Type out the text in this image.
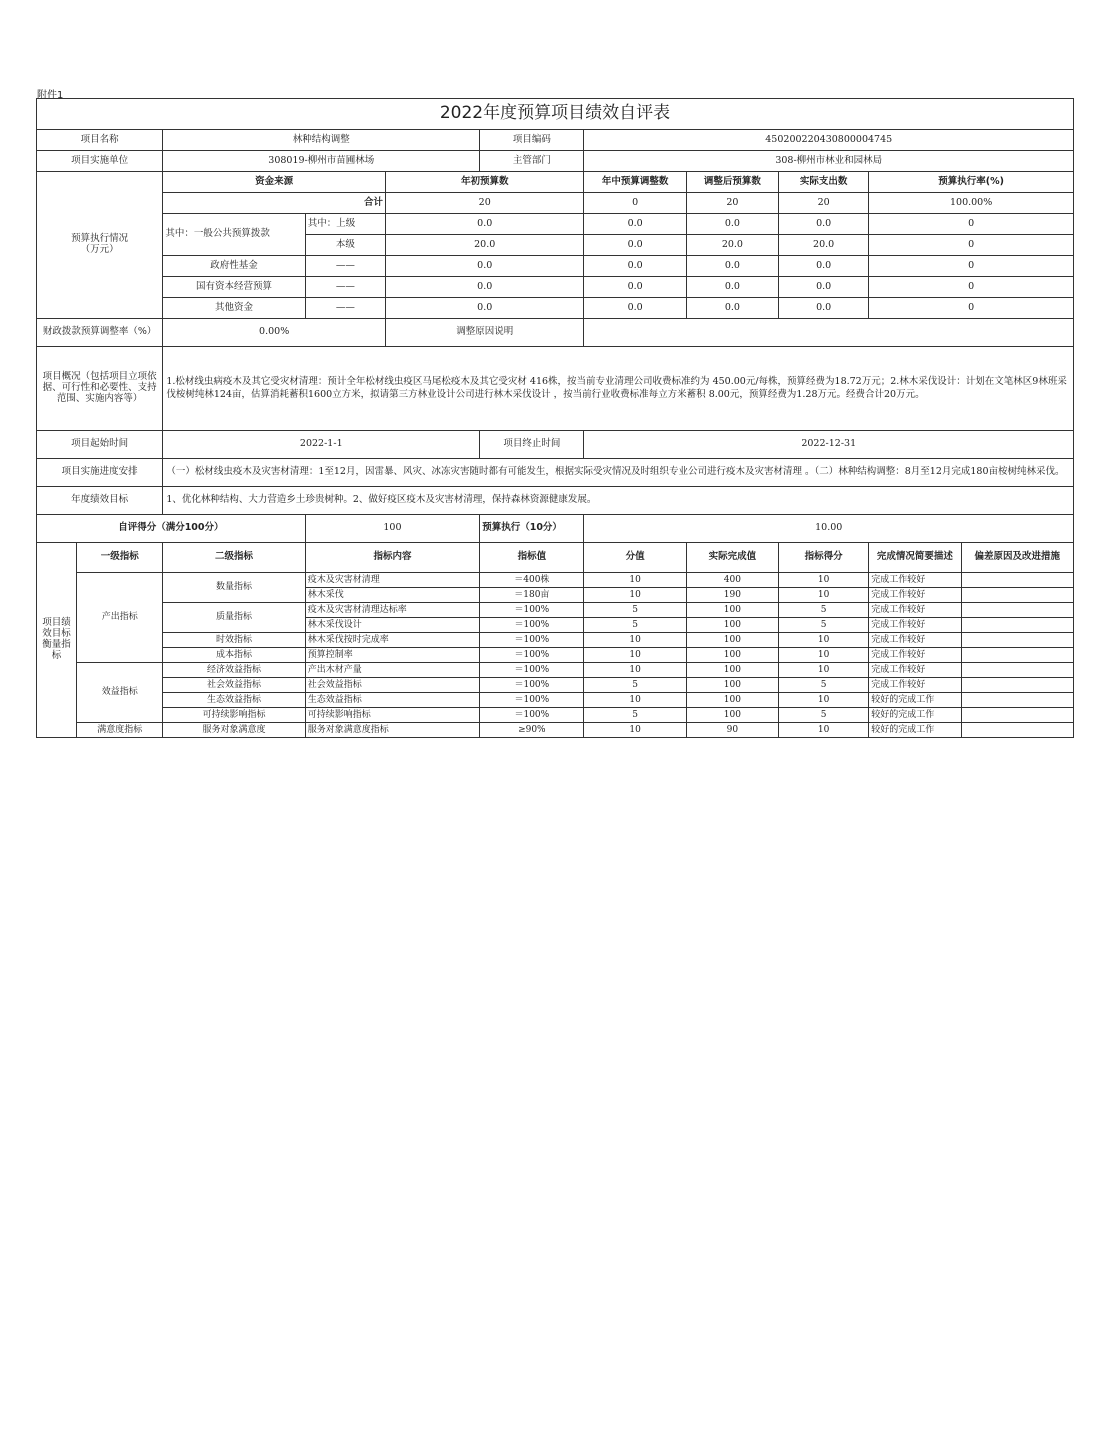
附件1
2022年度预算项目绩效自评表										
项目名称		林种结构调整			项目编码	450200220430800004745				
项目实施单位		308019-柳州市苗圃林场			主管部门	308-柳州市林业和园林局				
预算执行情况
（万元）		资金来源		年初预算数		年中预算调整数	调整后预算数	实际支出数	预算执行率(%)	
		合计		20		0	20	20	100.00%	
		其中：一般公共预算拨款	其中：上级	0.0		0.0	0.0	0.0	0	
			本级	20.0		0.0	20.0	20.0	0	
		政府性基金	——	0.0		0.0	0.0	0.0	0	
		国有资本经营预算	——	0.0		0.0	0.0	0.0	0	
		其他资金	——	0.0		0.0	0.0	0.0	0	
财政拨款预算调整率（%）		0.00%		调整原因说明						
项目概况（包括项目立项依据、可行性和必要性、支持范围、实施内容等）		1.松材线虫病疫木及其它受灾材清理：预计全年松材线虫疫区马尾松疫木及其它受灾材 416株，按当前专业清理公司收费标准约为 450.00元/每株，预算经费为18.72万元；2.林木采伐设计：计划在文笔林区9林班采伐桉树纯林124亩，估算消耗蓄积1600立方米，拟请第三方林业设计公司进行林木采伐设计 ，按当前行业收费标准每立方米蓄积 8.00元，预算经费为1.28万元。经费合计20万元。								
项目起始时间		2022-1-1			项目终止时间	2022-12-31				
项目实施进度安排		（一）松材线虫疫木及灾害材清理：1至12月，因雷暴、风灾、冰冻灾害随时都有可能发生，根据实际受灾情况及时组织专业公司进行疫木及灾害材清理 。（二）林种结构调整：8月至12月完成180亩桉树纯林采伐。								
年度绩效目标		1、优化林种结构、大力营造乡土珍贵树种。2、做好疫区疫木及灾害材清理，保持森林资源健康发展。								
自评得分（满分100分）			100		预算执行（10分）	10.00				
项目绩效目标衡量指标	一级指标	二级指标	指标内容		指标值	分值	实际完成值	指标得分	完成情况简要描述	偏差原因及改进措施
	产出指标	数量指标	疫木及灾害材清理		＝400株	10	400	10	完成工作较好	
			林木采伐		＝180亩	10	190	10	完成工作较好	
		质量指标	疫木及灾害材清理达标率		＝100%	5	100	5	完成工作较好	
			林木采伐设计		＝100%	5	100	5	完成工作较好	
		时效指标	林木采伐按时完成率		＝100%	10	100	10	完成工作较好	
		成本指标	预算控制率		＝100%	10	100	10	完成工作较好	
	效益指标	经济效益指标	产出木材产量		＝100%	10	100	10	完成工作较好	
		社会效益指标	社会效益指标		＝100%	5	100	5	完成工作较好	
		生态效益指标	生态效益指标		＝100%	10	100	10	较好的完成工作	
		可持续影响指标	可持续影响指标		＝100%	5	100	5	较好的完成工作	
	满意度指标	服务对象满意度	服务对象满意度指标		≥90%	10	90	10	较好的完成工作	
